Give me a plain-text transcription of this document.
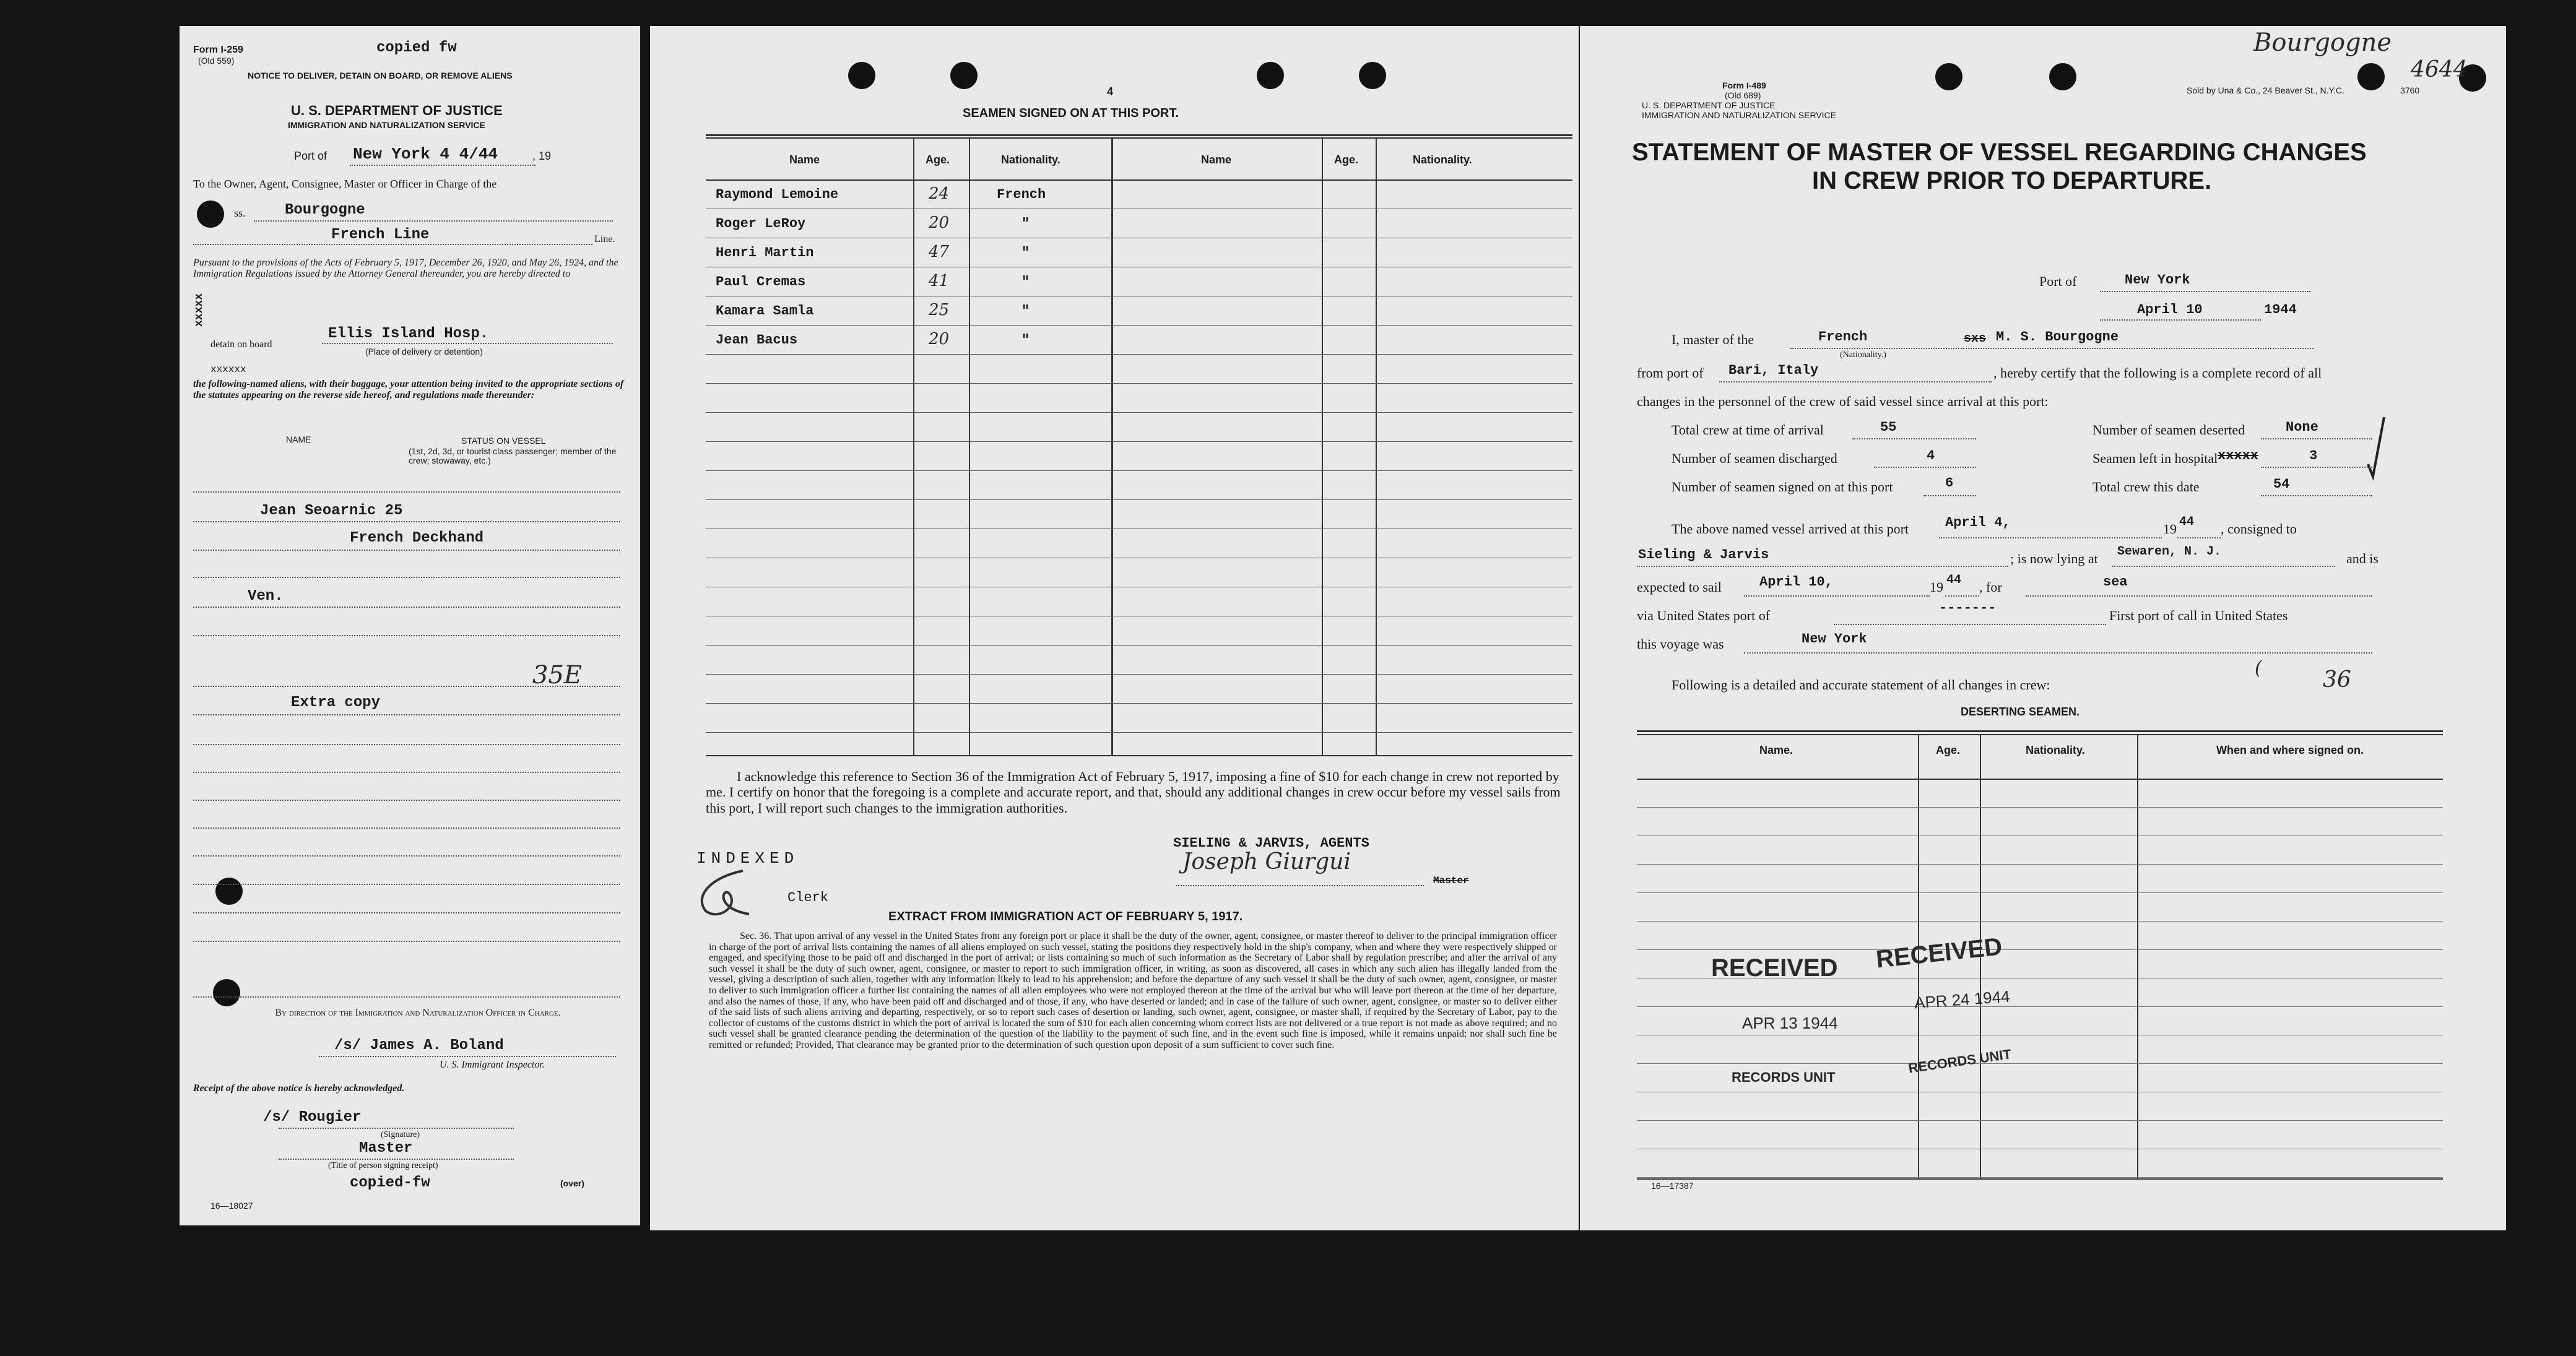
Form I-259
(Old 559)
copied fw
NOTICE TO DELIVER, DETAIN ON BOARD, OR REMOVE ALIENS
U. S. DEPARTMENT OF JUSTICE
IMMIGRATION AND NATURALIZATION SERVICE
Port of New York 4 4/44	, 19
To the Owner, Agent, Consignee, Master or Officer in Charge of the
ss.	Bourgogne
French Line	Line.
Pursuant to the provisions of the Acts of February 5, 1917, December 26, 1920, and May 26, 1924, and the Immigration Regulations issued by the Attorney General thereunder, you are hereby directed to
xxxxx
Ellis Island Hosp.
(Place of delivery or detention)
detain on board
xxxxxx
the following-named aliens, with their baggage, your attention being invited to the appropriate sections of the statutes appearing on the reverse side hereof, and regulations made thereunder:
NAME	STATUS ON VESSEL
(1st, 2d, 3d, or tourist class passenger; member of the crew; stowaway, etc.)
Jean Seoarnic 25
French Deckhand
Ven.
35E
Extra copy
By direction of the Immigration and Naturalization Officer in Charge.
/s/ James A. Boland
U. S. Immigrant Inspector.
Receipt of the above notice is hereby acknowledged.
/s/ Rougier
(Signature)
Master
(Title of person signing receipt)
copied-fw
16—18027
(over)
4
SEAMEN SIGNED ON AT THIS PORT.
Name	Age.	Nationality.	Name	Age.	Nationality.
Raymond Lemoine	24	French
Roger LeRoy	20	"
Henri Martin	47	"
Paul Cremas	41	"
Kamara Samla	25	"
Jean Bacus	20	"
I acknowledge this reference to Section 36 of the Immigration Act of February 5, 1917, imposing a fine of $10 for each change in crew not reported by me. I certify on honor that the foregoing is a complete and accurate report, and that, should any additional changes in crew occur before my vessel sails from this port, I will report such changes to the immigration authorities.
INDEXED
Clerk
SIELING & JARVIS, AGENTS
Joseph Giurgui
Master
EXTRACT FROM IMMIGRATION ACT OF FEBRUARY 5, 1917.
Sec. 36. That upon arrival of any vessel in the United States from any foreign port or place it shall be the duty of the owner, agent, consignee, or master thereof to deliver to the principal immigration officer in charge of the port of arrival lists containing the names of all aliens employed on such vessel, stating the positions they respectively hold in the ship's company, when and where they were respectively shipped or engaged, and specifying those to be paid off and discharged in the port of arrival; or lists containing so much of such information as the Secretary of Labor shall by regulation prescribe; and after the arrival of any such vessel it shall be the duty of such owner, agent, consignee, or master to report to such immigration officer, in writing, as soon as discovered, all cases in which any such alien has illegally landed from the vessel, giving a description of such alien, together with any information likely to lead to his apprehension; and before the departure of any such vessel it shall be the duty of such owner, agent, consignee, or master to deliver to such immigration officer a further list containing the names of all alien employees who were not employed thereon at the time of the arrival but who will leave port thereon at the time of her departure, and also the names of those, if any, who have been paid off and discharged and of those, if any, who have deserted or landed; and in case of the failure of such owner, agent, consignee, or master so to deliver either of the said lists of such aliens arriving and departing, respectively, or so to report such cases of desertion or landing, such owner, agent, consignee, or master shall, if required by the Secretary of Labor, pay to the collector of customs of the customs district in which the port of arrival is located the sum of $10 for each alien concerning whom correct lists are not delivered or a true report is not made as above required; and no such vessel shall be granted clearance pending the determination of the question of the liability to the payment of such fine, and in the event such fine is imposed, while it remains unpaid; nor shall such fine be remitted or refunded; Provided, That clearance may be granted prior to the determination of such question upon deposit of a sum sufficient to cover such fine.
Bourgogne
4644
Form I-489
(Old 689)
U. S. DEPARTMENT OF JUSTICE
IMMIGRATION AND NATURALIZATION SERVICE
Sold by Una & Co., 24 Beaver St., N.Y.C.	3760
STATEMENT OF MASTER OF VESSEL REGARDING CHANGES
IN CREW PRIOR TO DEPARTURE.
Port of	New York
April 10	1944
I, master of the	French
(Nationality.)
sxs M. S. Bourgogne
from port of Bari, Italy	, hereby certify that the following is a complete record of all
changes in the personnel of the crew of said vessel since arrival at this port:
Total crew at time of arrival	55	Number of seamen deserted	None
Number of seamen discharged	4	Seamen left in hospital xxxxx	3
Number of seamen signed on at this port	6	Total crew this date	54
The above named vessel arrived at this port	April 4,	19 44 , consigned to
Sieling & Jarvis	; is now lying at Sewaren, N. J.	and is
expected to sail	April 10,	19 44 , for	sea
via United States port of	-------	First port of call in United States
this voyage was	New York
Following is a detailed and accurate statement of all changes in crew:	36
(
DESERTING SEAMEN.
Name.	Age.	Nationality.	When and where signed on.
RECEIVED RECEIVED
APR 13 1944
APR 24 1944
RECORDS UNIT
RECORDS UNIT
16—17387
